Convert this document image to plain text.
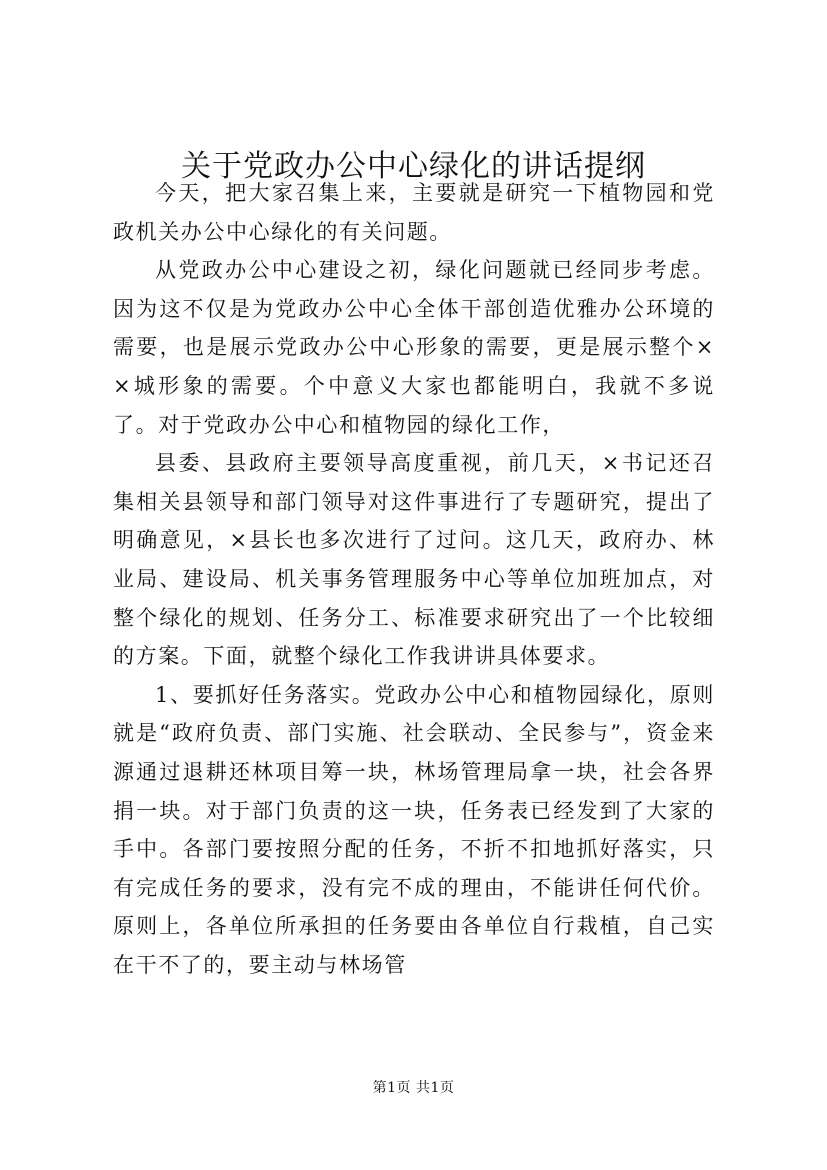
关于党政办公中心绿化的讲话提纲

今天，把大家召集上来，主要就是研究一下植物园和党政机关办公中心绿化的有关问题。

从党政办公中心建设之初，绿化问题就已经同步考虑。因为这不仅是为党政办公中心全体干部创造优雅办公环境的需要，也是展示党政办公中心形象的需要，更是展示整个××城形象的需要。个中意义大家也都能明白，我就不多说了。对于党政办公中心和植物园的绿化工作，

县委、县政府主要领导高度重视，前几天，×书记还召集相关县领导和部门领导对这件事进行了专题研究，提出了明确意见，×县长也多次进行了过问。这几天，政府办、林业局、建设局、机关事务管理服务中心等单位加班加点，对整个绿化的规划、任务分工、标准要求研究出了一个比较细的方案。下面，就整个绿化工作我讲讲具体要求。

1、要抓好任务落实。党政办公中心和植物园绿化，原则就是“政府负责、部门实施、社会联动、全民参与”，资金来源通过退耕还林项目筹一块，林场管理局拿一块，社会各界捐一块。对于部门负责的这一块，任务表已经发到了大家的手中。各部门要按照分配的任务，不折不扣地抓好落实，只有完成任务的要求，没有完不成的理由，不能讲任何代价。原则上，各单位所承担的任务要由各单位自行栽植，自己实在干不了的，要主动与林场管

第1页 共1页
